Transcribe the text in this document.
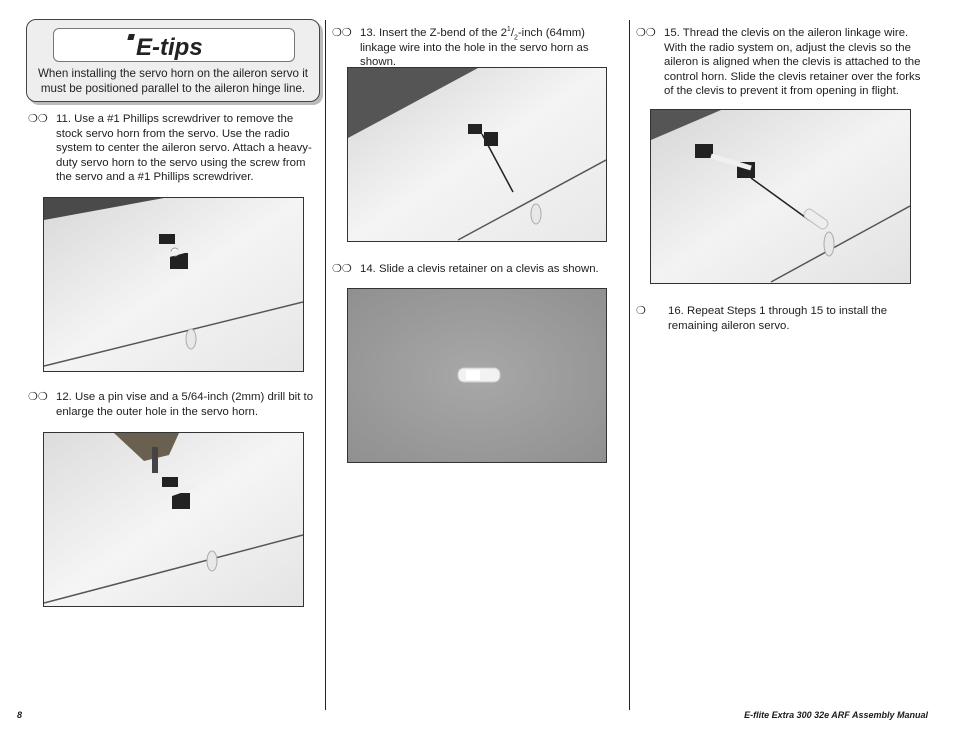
E-tips
When installing the servo horn on the aileron servo it must be positioned parallel to the aileron hinge line.
❍❍ 11. Use a #1 Phillips screwdriver to remove the stock servo horn from the servo. Use the radio system to center the aileron servo. Attach a heavy-duty servo horn to the servo using the screw from the servo and a #1 Phillips screwdriver.
❍❍ 12. Use a pin vise and a 5/64-inch (2mm) drill bit to enlarge the outer hole in the servo horn.
❍❍ 13. Insert the Z-bend of the $2^1/_2$-inch (64mm) linkage wire into the hole in the servo horn as shown.
❍❍ 14. Slide a clevis retainer on a clevis as shown.
❍❍ 15. Thread the clevis on the aileron linkage wire. With the radio system on, adjust the clevis so the aileron is aligned when the clevis is attached to the control horn. Slide the clevis retainer over the forks of the clevis to prevent it from opening in flight.
❍	16. Repeat Steps 1 through 15 to install the remaining aileron servo.
8	E-flite Extra 300 32e ARF Assembly Manual
